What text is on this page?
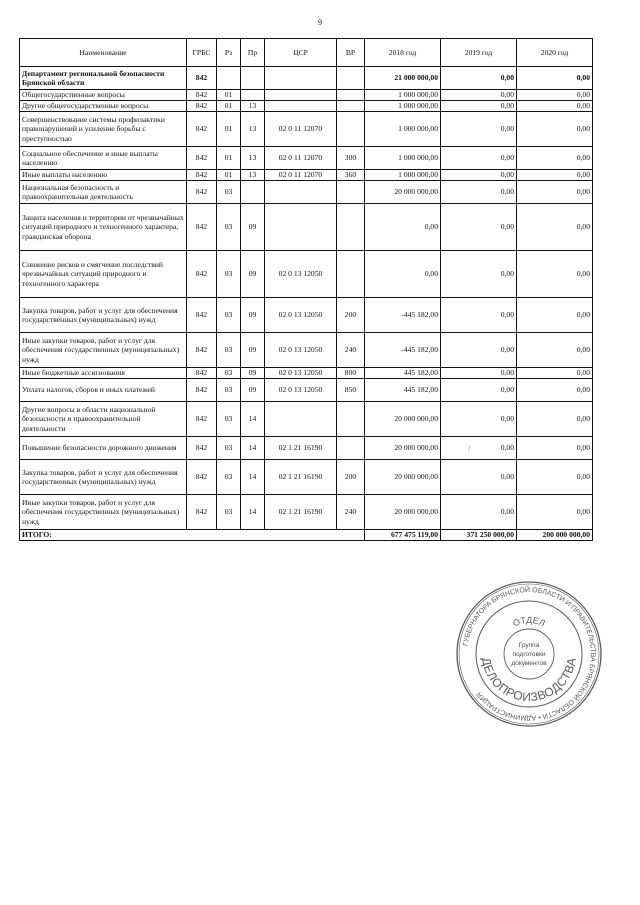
9
Наименование	ГРБС	Рз	Пр	ЦСР	ВР	2018 год	2019 год	2020 год
Департамент региональной безопасности Брянской области	842					21 000 000,00	0,00	0,00
Общегосударственные вопросы	842	01				1 000 000,00	0,00	0,00
Другие общегосударственные вопросы	842	01	13			1 000 000,00	0,00	0,00
Совершенствование системы профилактики правонарушений и усиление борьбы с преступностью	842	01	13	02 0 11 12070		1 000 000,00	0,00	0,00
Социальное обеспечение и иные выплаты населению	842	01	13	02 0 11 12070	300	1 000 000,00	0,00	0,00
Иные выплаты населению	842	01	13	02 0 11 12070	360	1 000 000,00	0,00	0,00
Национальная безопасность и правоохранительная деятельность	842	03				20 000 000,00	0,00	0,00
Защита населения и территории от чрезвычайных ситуаций природного и техногенного характера, гражданская оборона	842	03	09			0,00	0,00	0,00
Снижение рисков и смягчение последствий чрезвычайных ситуаций природного и техногенного характера	842	03	09	02 0 13 12050		0,00	0,00	0,00
Закупка товаров, работ и услуг для обеспечения государственных (муниципальных) нужд	842	03	09	02 0 13 12050	200	-445 182,00	0,00	0,00
Иные закупки товаров, работ и услуг для обеспечения государственных (муниципальных) нужд	842	03	09	02 0 13 12050	240	-445 182,00	0,00	0,00
Иные бюджетные ассигнования	842	03	09	02 0 13 12050	800	445 182,00	0,00	0,00
Уплата налогов, сборов и иных платежей	842	03	09	02 0 13 12050	850	445 182,00	0,00	0,00
Другие вопросы в области национальной безопасности и правоохранительной деятельности	842	03	14			20 000 000,00	0,00	0,00
Повышение безопасности дорожного движения	842	03	14	02 1 21 16190		20 000 000,00	0,00	0,00
Закупка товаров, работ и услуг для обеспечения государственных (муниципальных) нужд	842	03	14	02 1 21 16190	200	20 000 000,00	0,00	0,00
Иные закупки товаров, работ и услуг для обеспечения государственных (муниципальных) нужд	842	03	14	02 1 21 16190	240	20 000 000,00	0,00	0,00
ИТОГО:						677 475 119,00	371 250 000,00	200 000 000,00
/
ГУБЕРНАТОРА БРЯНСКОЙ ОБЛАСТИ И ПРАВИТЕЛЬСТВА БРЯНСКОЙ ОБЛАСТИ • АДМИНИСТРАЦИЯ
ДЕЛОПРОИЗВОДСТВА
ОТДЕЛ
Группа
подготовки
документов
